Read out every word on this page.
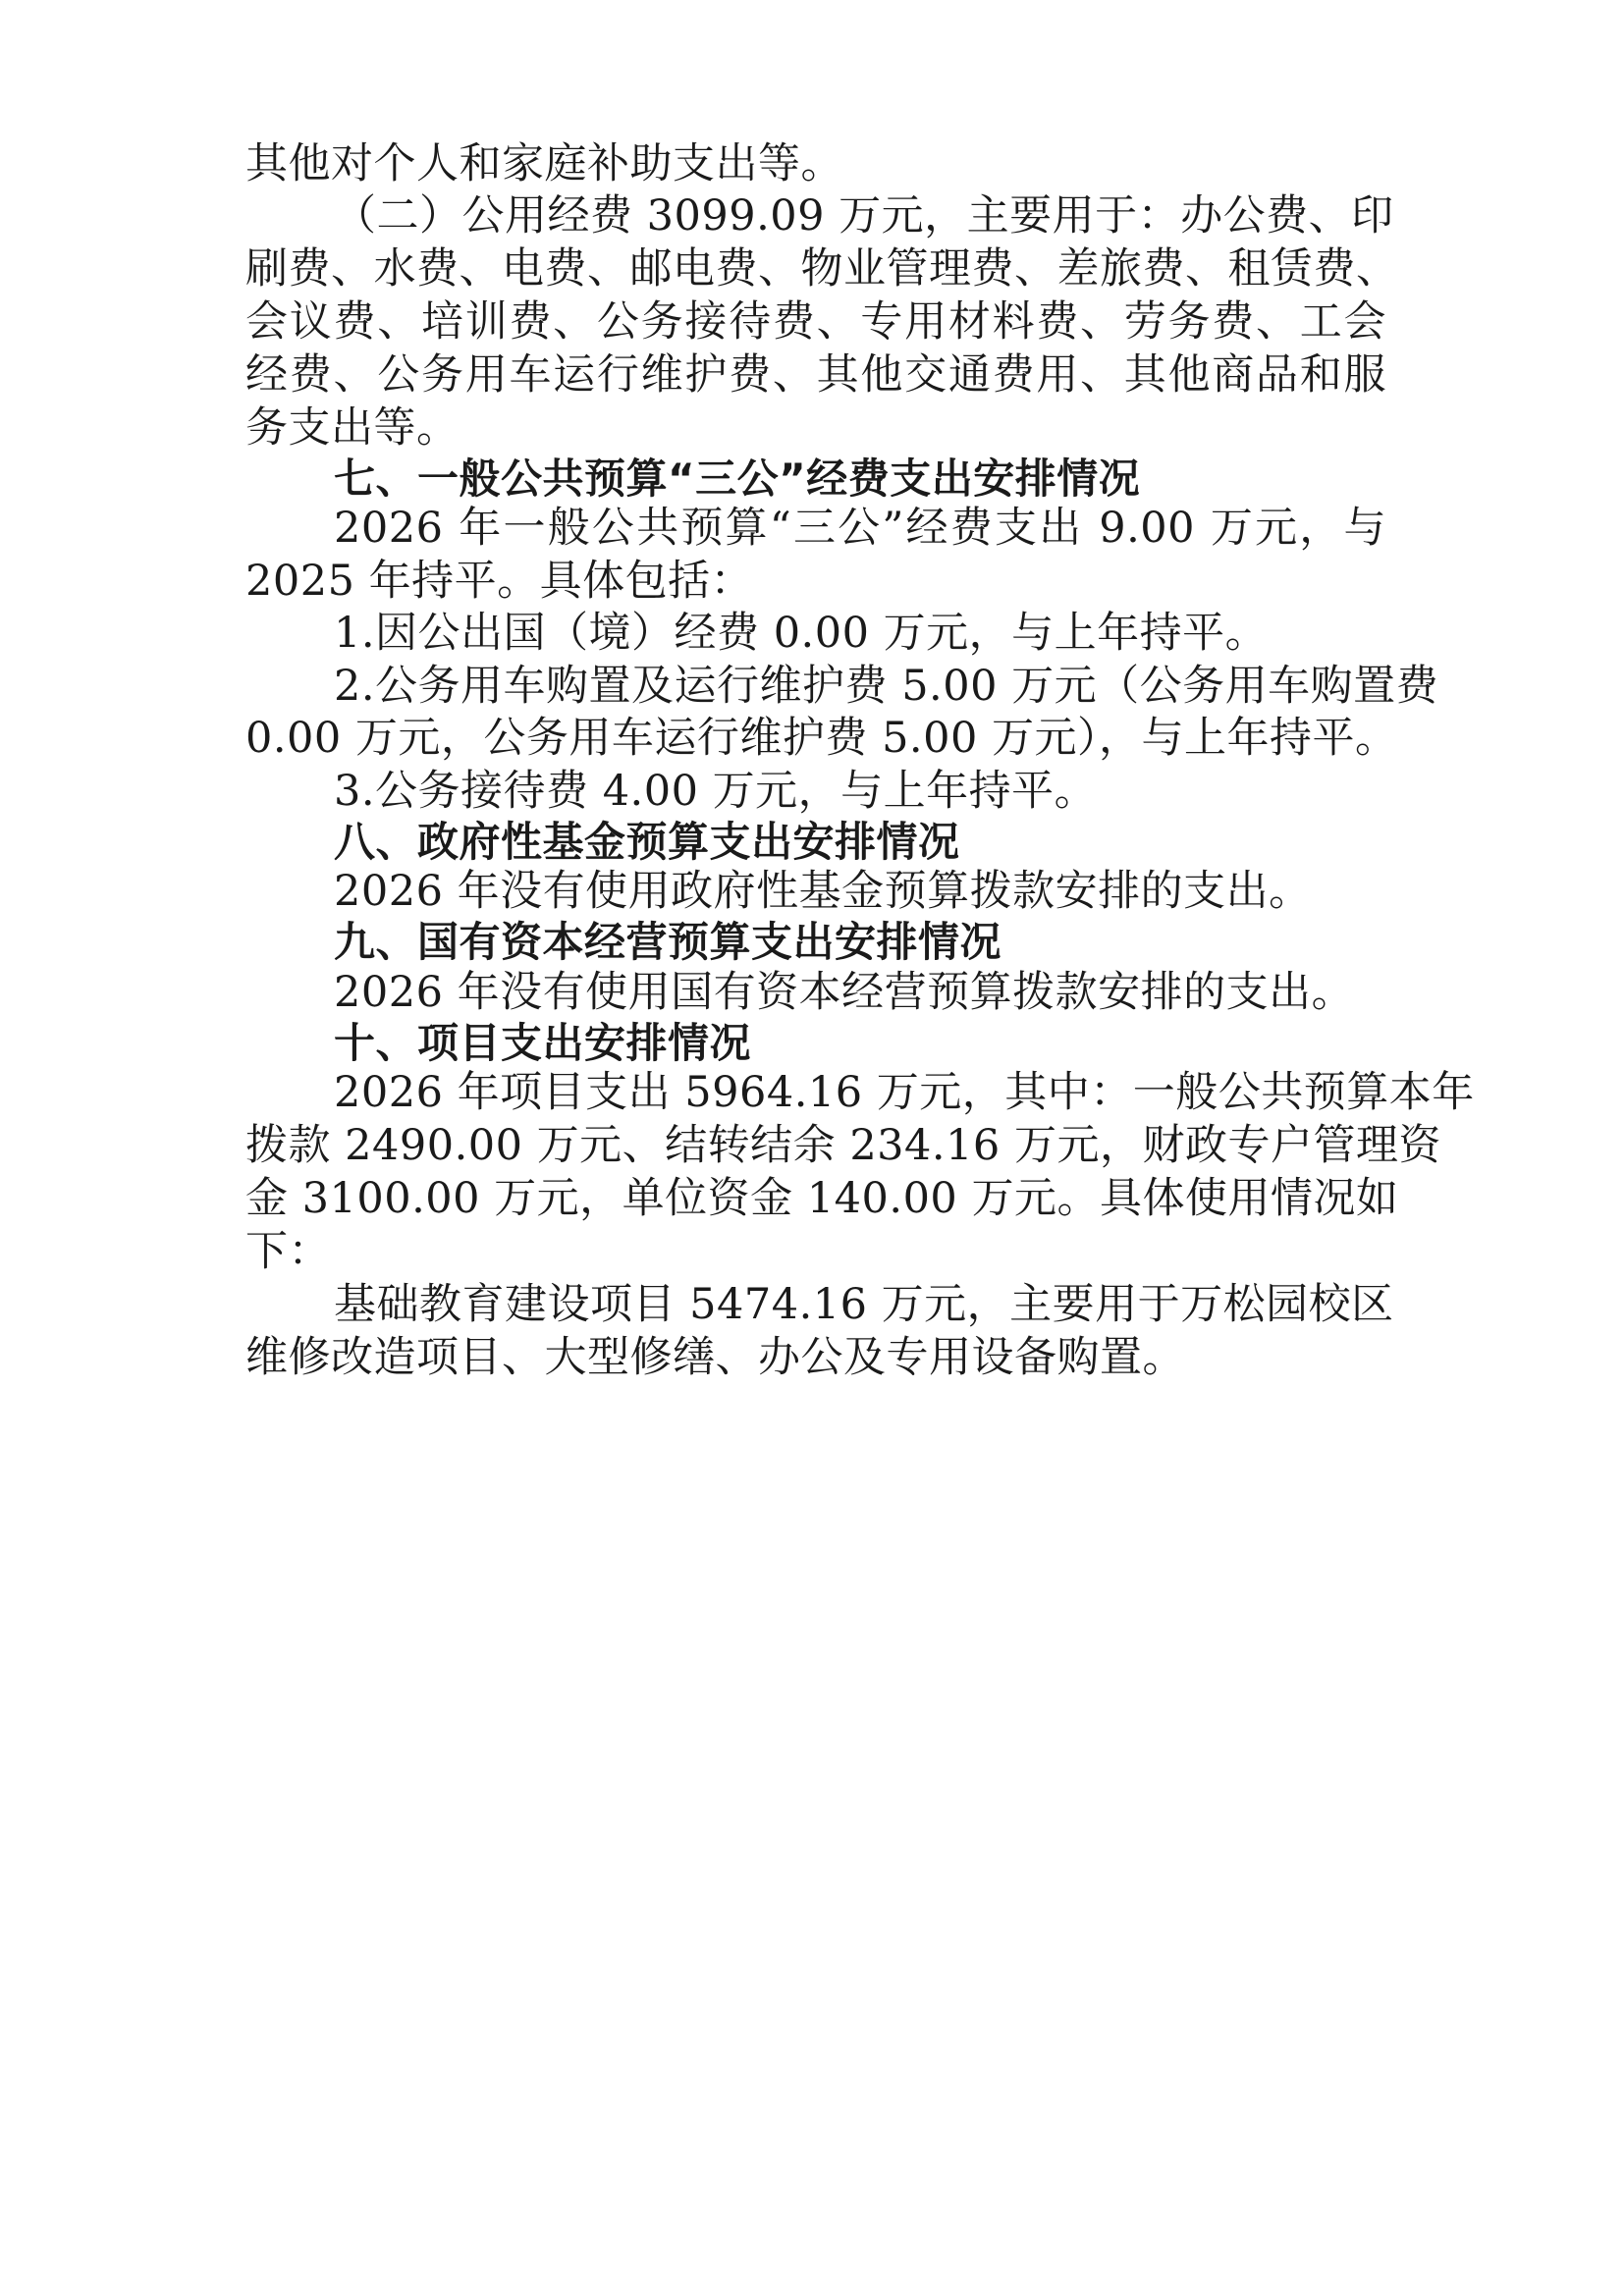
其他对个人和家庭补助支出等。
（二）公用经费 3099.09 万元，主要用于：办公费、印
刷费、水费、电费、邮电费、物业管理费、差旅费、租赁费、
会议费、培训费、公务接待费、专用材料费、劳务费、工会
经费、公务用车运行维护费、其他交通费用、其他商品和服
务支出等。
七、一般公共预算“三公”经费支出安排情况
2026 年一般公共预算“三公”经费支出 9.00 万元，与
2025 年持平。具体包括：
1.因公出国（境）经费 0.00 万元，与上年持平。
2.公务用车购置及运行维护费 5.00 万元（公务用车购置费
0.00 万元，公务用车运行维护费 5.00 万元），与上年持平。
3.公务接待费 4.00 万元，与上年持平。
八、政府性基金预算支出安排情况
2026 年没有使用政府性基金预算拨款安排的支出。
九、国有资本经营预算支出安排情况
2026 年没有使用国有资本经营预算拨款安排的支出。
十、项目支出安排情况
2026 年项目支出 5964.16 万元，其中：一般公共预算本年
拨款 2490.00 万元、结转结余 234.16 万元，财政专户管理资
金 3100.00 万元，单位资金 140.00 万元。具体使用情况如
下：
基础教育建设项目 5474.16 万元，主要用于万松园校区
维修改造项目、大型修缮、办公及专用设备购置。
